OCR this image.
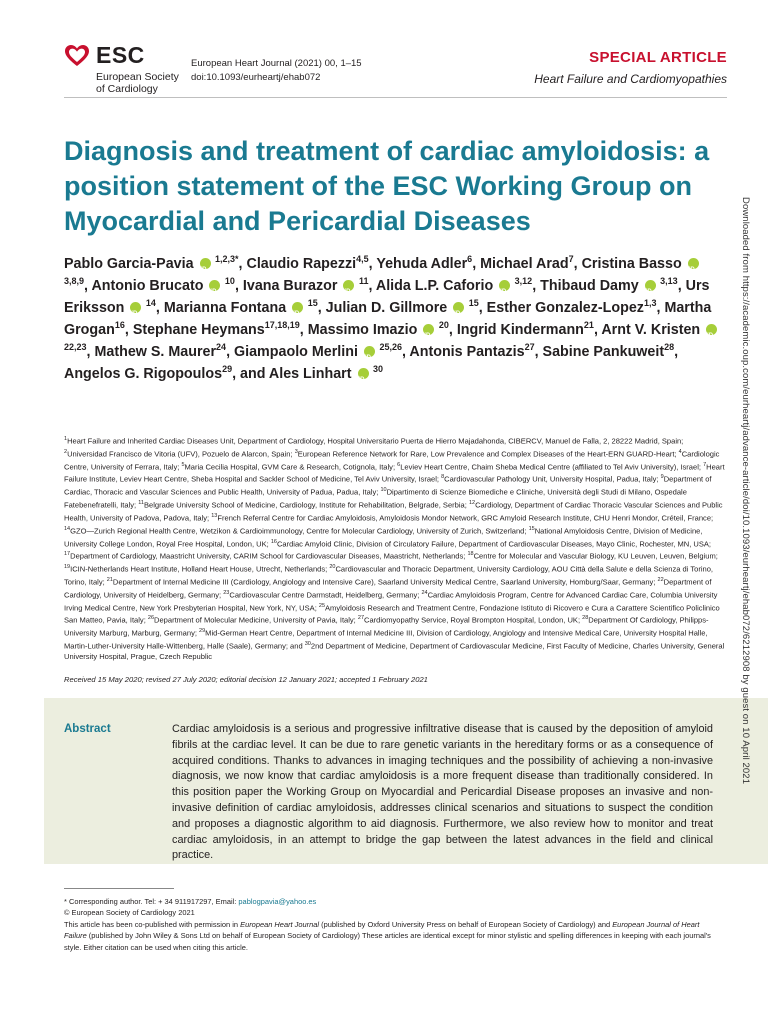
ESC
European Society
of Cardiology
European Heart Journal (2021) 00, 1–15
doi:10.1093/eurheartj/ehab072
SPECIAL ARTICLE
Heart Failure and Cardiomyopathies
Diagnosis and treatment of cardiac amyloidosis: a position statement of the ESC Working Group on Myocardial and Pericardial Diseases
Pablo Garcia-Pavia iD $^{1,2,3*}$, Claudio Rapezzi$^{4,5}$, Yehuda Adler$^6$, Michael Arad$^7$, Cristina Basso iD $^{3,8,9}$, Antonio Brucato iD $^{10}$, Ivana Burazor iD $^{11}$, Alida L.P. Caforio iD $^{3,12}$, Thibaud Damy iD $^{3,13}$, Urs Eriksson iD $^{14}$, Marianna Fontana iD $^{15}$, Julian D. Gillmore iD $^{15}$, Esther Gonzalez-Lopez$^{1,3}$, Martha Grogan$^{16}$, Stephane Heymans$^{17,18,19}$, Massimo Imazio iD $^{20}$, Ingrid Kindermann$^{21}$, Arnt V. Kristen iD $^{22,23}$, Mathew S. Maurer$^{24}$, Giampaolo Merlini iD $^{25,26}$, Antonis Pantazis$^{27}$, Sabine Pankuweit$^{28}$, Angelos G. Rigopoulos$^{29}$, and Ales Linhart iD $^{30}$
$^1$Heart Failure and Inherited Cardiac Diseases Unit, Department of Cardiology, Hospital Universitario Puerta de Hierro Majadahonda, CIBERCV, Manuel de Falla, 2, 28222 Madrid, Spain; $^2$Universidad Francisco de Vitoria (UFV), Pozuelo de Alarcon, Spain; $^3$European Reference Network for Rare, Low Prevalence and Complex Diseases of the Heart-ERN GUARD-Heart; $^4$Cardiologic Centre, University of Ferrara, Italy; $^5$Maria Cecilia Hospital, GVM Care & Research, Cotignola, Italy; $^6$Leviev Heart Centre, Chaim Sheba Medical Centre (affiliated to Tel Aviv University), Israel; $^7$Heart Failure Institute, Leviev Heart Centre, Sheba Hospital and Sackler School of Medicine, Tel Aviv University, Israel; $^8$Cardiovascular Pathology Unit, University Hospital, Padua, Italy; $^9$Department of Cardiac, Thoracic and Vascular Sciences and Public Health, University of Padua, Padua, Italy; $^{10}$Dipartimento di Scienze Biomediche e Cliniche, Università degli Studi di Milano, Ospedale Fatebenefratelli, Italy; $^{11}$Belgrade University School of Medicine, Cardiology, Institute for Rehabilitation, Belgrade, Serbia; $^{12}$Cardiology, Department of Cardiac Thoracic Vascular Sciences and Public Health, University of Padova, Padova, Italy; $^{13}$French Referral Centre for Cardiac Amyloidosis, Amyloidosis Mondor Network, GRC Amyloid Research Institute, CHU Henri Mondor, Créteil, France; $^{14}$GZO—Zurich Regional Health Centre, Wetzikon & Cardioimmunology, Centre for Molecular Cardiology, University of Zurich, Switzerland; $^{15}$National Amyloidosis Centre, Division of Medicine, University College London, Royal Free Hospital, London, UK; $^{16}$Cardiac Amyloid Clinic, Division of Circulatory Failure, Department of Cardiovascular Diseases, Mayo Clinic, Rochester, MN, USA; $^{17}$Department of Cardiology, Maastricht University, CARIM School for Cardiovascular Diseases, Maastricht, Netherlands; $^{18}$Centre for Molecular and Vascular Biology, KU Leuven, Leuven, Belgium; $^{19}$ICIN-Netherlands Heart Institute, Holland Heart House, Utrecht, Netherlands; $^{20}$Cardiovascular and Thoracic Department, University Cardiology, AOU Città della Salute e della Scienza di Torino, Torino, Italy; $^{21}$Department of Internal Medicine III (Cardiology, Angiology and Intensive Care), Saarland University Medical Centre, Saarland University, Homburg/Saar, Germany; $^{22}$Department of Cardiology, University of Heidelberg, Germany; $^{23}$Cardiovascular Centre Darmstadt, Heidelberg, Germany; $^{24}$Cardiac Amyloidosis Program, Centre for Advanced Cardiac Care, Columbia University Irving Medical Centre, New York Presbyterian Hospital, New York, NY, USA; $^{25}$Amyloidosis Research and Treatment Centre, Fondazione Istituto di Ricovero e Cura a Carattere Scientifico Policlinico San Matteo, Pavia, Italy; $^{26}$Department of Molecular Medicine, University of Pavia, Italy; $^{27}$Cardiomyopathy Service, Royal Brompton Hospital, London, UK; $^{28}$Department Of Cardiology, Philipps-University Marburg, Marburg, Germany; $^{29}$Mid-German Heart Centre, Department of Internal Medicine III, Division of Cardiology, Angiology and Intensive Medical Care, University Hospital Halle, Martin-Luther-University Halle-Wittenberg, Halle (Saale), Germany; and $^{30}$2nd Department of Medicine, Department of Cardiovascular Medicine, First Faculty of Medicine, Charles University, General University Hospital, Prague, Czech Republic
Received 15 May 2020; revised 27 July 2020; editorial decision 12 January 2021; accepted 1 February 2021
Abstract	Cardiac amyloidosis is a serious and progressive infiltrative disease that is caused by the deposition of amyloid fibrils at the cardiac level. It can be due to rare genetic variants in the hereditary forms or as a consequence of acquired conditions. Thanks to advances in imaging techniques and the possibility of achieving a non-invasive diagnosis, we now know that cardiac amyloidosis is a more frequent disease than traditionally considered. In this position paper the Working Group on Myocardial and Pericardial Disease proposes an invasive and non-invasive definition of cardiac amyloidosis, addresses clinical scenarios and situations to suspect the condition and proposes a diagnostic algorithm to aid diagnosis. Furthermore, we also review how to monitor and treat cardiac amyloidosis, in an attempt to bridge the gap between the latest advances in the field and clinical practice.
* Corresponding author. Tel: + 34 911917297, Email: pablogpavia@yahoo.es
© European Society of Cardiology 2021
This article has been co-published with permission in European Heart Journal (published by Oxford University Press on behalf of European Society of Cardiology) and European Journal of Heart Failure (published by John Wiley & Sons Ltd on behalf of European Society of Cardiology) These articles are identical except for minor stylistic and spelling differences in keeping with each journal's style. Either citation can be used when citing this article.
Downloaded from https://academic.oup.com/eurheartj/advance-article/doi/10.1093/eurheartj/ehab072/6212908 by guest on 10 April 2021
